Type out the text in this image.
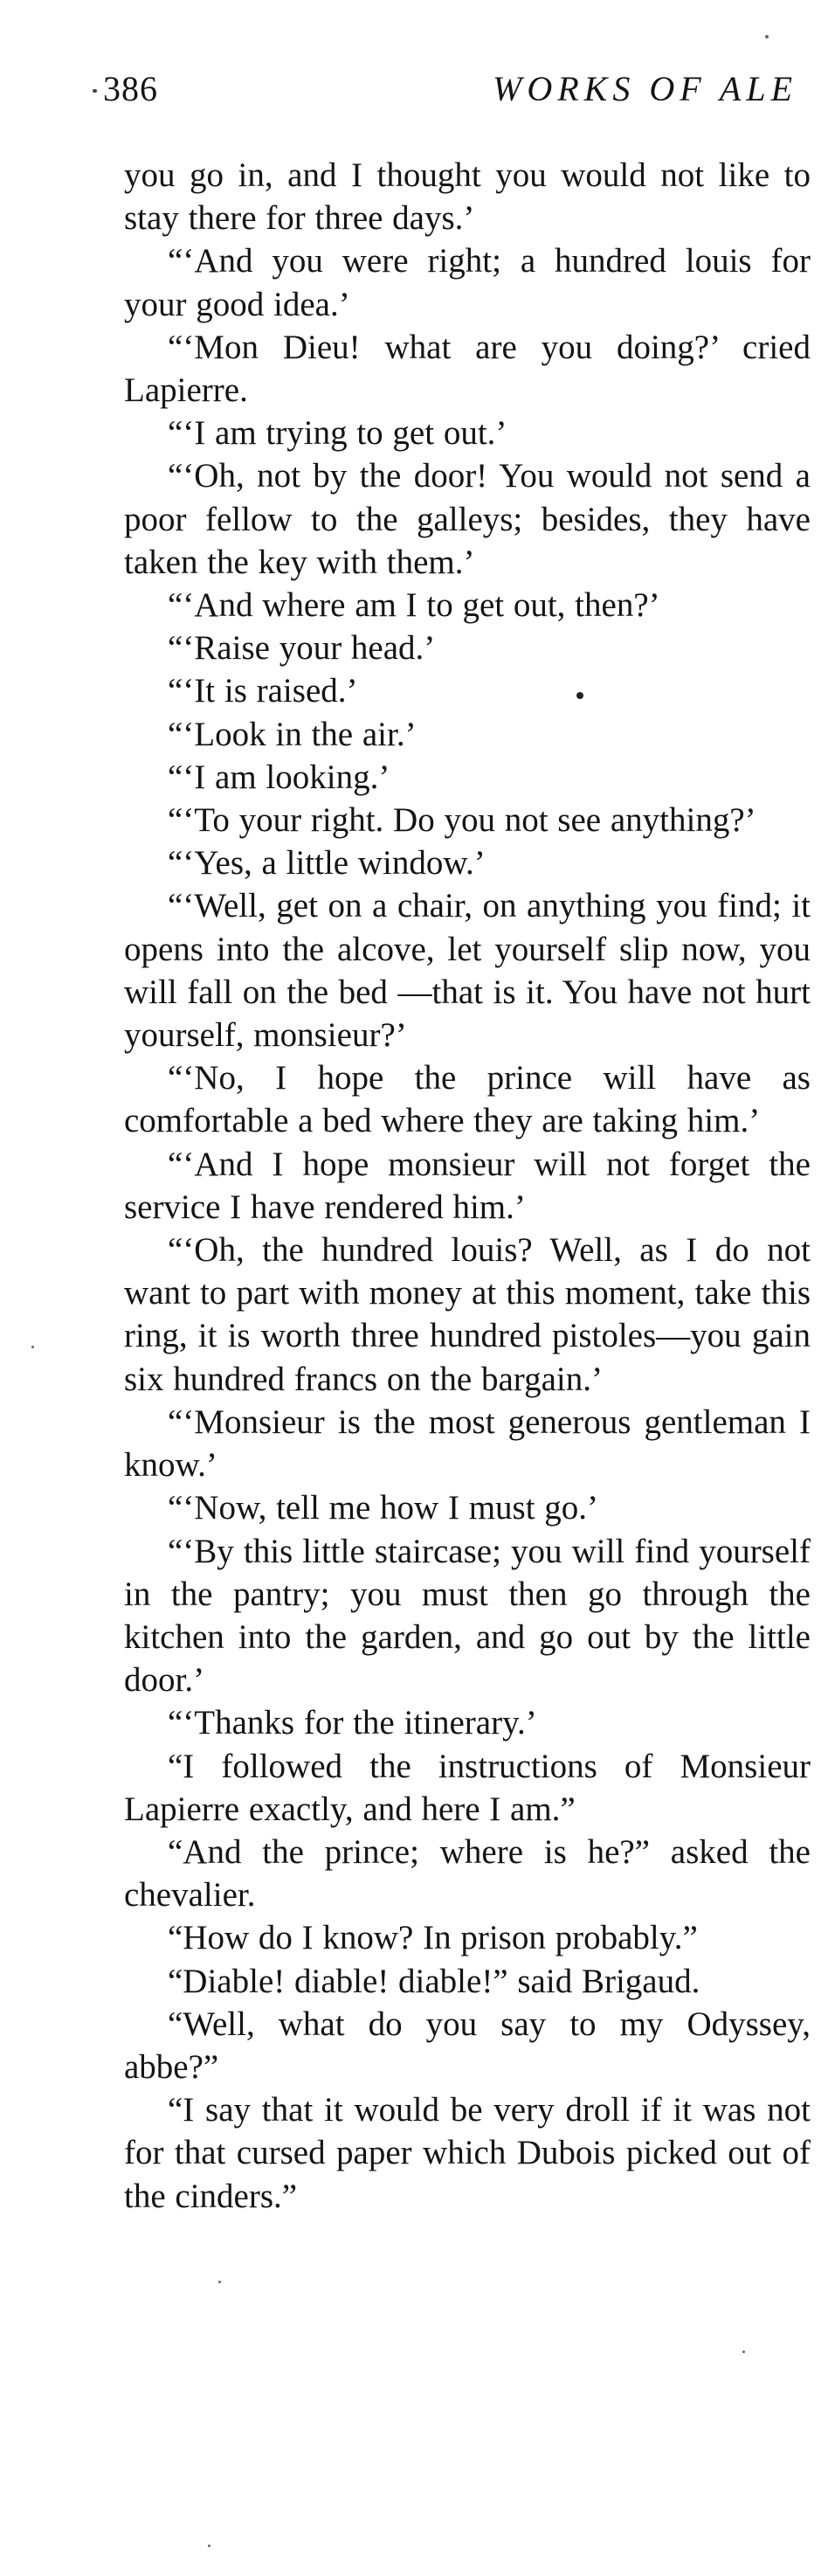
386	WORKS OF ALE

you go in, and I thought you would not like to stay there for three days.’

“‘And you were right; a hundred louis for your good idea.’

“‘Mon Dieu! what are you doing?’ cried Lapierre.

“‘I am trying to get out.’

“‘Oh, not by the door! You would not send a poor fellow to the galleys; besides, they have taken the key with them.’

“‘And where am I to get out, then?’

“‘Raise your head.’

“‘It is raised.’

“‘Look in the air.’

“‘I am looking.’

“‘To your right. Do you not see anything?’

“‘Yes, a little window.’

“‘Well, get on a chair, on anything you find; it opens into the alcove, let yourself slip now, you will fall on the bed —that is it. You have not hurt yourself, monsieur?’

“‘No, I hope the prince will have as comfortable a bed where they are taking him.’

“‘And I hope monsieur will not forget the service I have rendered him.’

“‘Oh, the hundred louis? Well, as I do not want to part with money at this moment, take this ring, it is worth three hundred pistoles—you gain six hundred francs on the bargain.’

“‘Monsieur is the most generous gentleman I know.’

“‘Now, tell me how I must go.’

“‘By this little staircase; you will find yourself in the pantry; you must then go through the kitchen into the garden, and go out by the little door.’

“‘Thanks for the itinerary.’

“I followed the instructions of Monsieur Lapierre exactly, and here I am.”

“And the prince; where is he?” asked the chevalier.

“How do I know? In prison probably.”

“Diable! diable! diable!” said Brigaud.

“Well, what do you say to my Odyssey, abbe?”

“I say that it would be very droll if it was not for that cursed paper which Dubois picked out of the cinders.”
